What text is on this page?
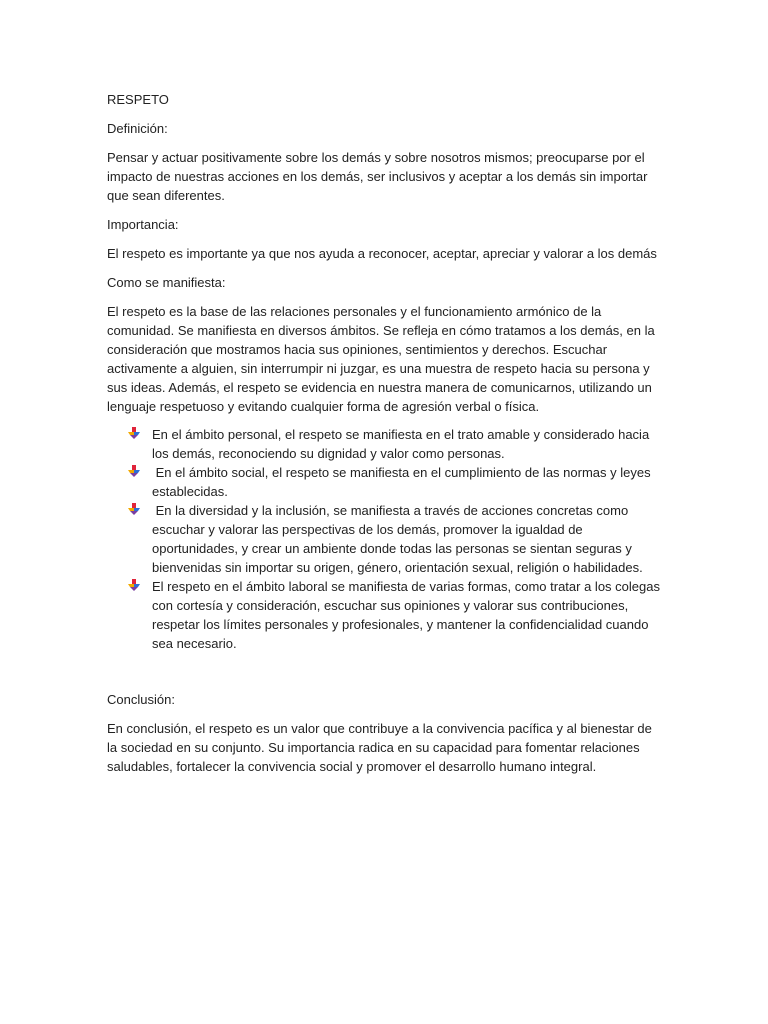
RESPETO

Definición:

Pensar y actuar positivamente sobre los demás y sobre nosotros mismos; preocuparse por el impacto de nuestras acciones en los demás, ser inclusivos y aceptar a los demás sin importar que sean diferentes.

Importancia:

El respeto es importante ya que nos ayuda a reconocer, aceptar, apreciar y valorar a los demás

Como se manifiesta:

El respeto es la base de las relaciones personales y el funcionamiento armónico de la comunidad. Se manifiesta en diversos ámbitos. Se refleja en cómo tratamos a los demás, en la consideración que mostramos hacia sus opiniones, sentimientos y derechos. Escuchar activamente a alguien, sin interrumpir ni juzgar, es una muestra de respeto hacia su persona y sus ideas. Además, el respeto se evidencia en nuestra manera de comunicarnos, utilizando un lenguaje respetuoso y evitando cualquier forma de agresión verbal o física.

En el ámbito personal, el respeto se manifiesta en el trato amable y considerado hacia los demás, reconociendo su dignidad y valor como personas.
En el ámbito social, el respeto se manifiesta en el cumplimiento de las normas y leyes establecidas.
En la diversidad y la inclusión, se manifiesta a través de acciones concretas como escuchar y valorar las perspectivas de los demás, promover la igualdad de oportunidades, y crear un ambiente donde todas las personas se sientan seguras y bienvenidas sin importar su origen, género, orientación sexual, religión o habilidades.
El respeto en el ámbito laboral se manifiesta de varias formas, como tratar a los colegas con cortesía y consideración, escuchar sus opiniones y valorar sus contribuciones, respetar los límites personales y profesionales, y mantener la confidencialidad cuando sea necesario.

Conclusión:

En conclusión, el respeto es un valor que contribuye a la convivencia pacífica y al bienestar de la sociedad en su conjunto. Su importancia radica en su capacidad para fomentar relaciones saludables, fortalecer la convivencia social y promover el desarrollo humano integral.
